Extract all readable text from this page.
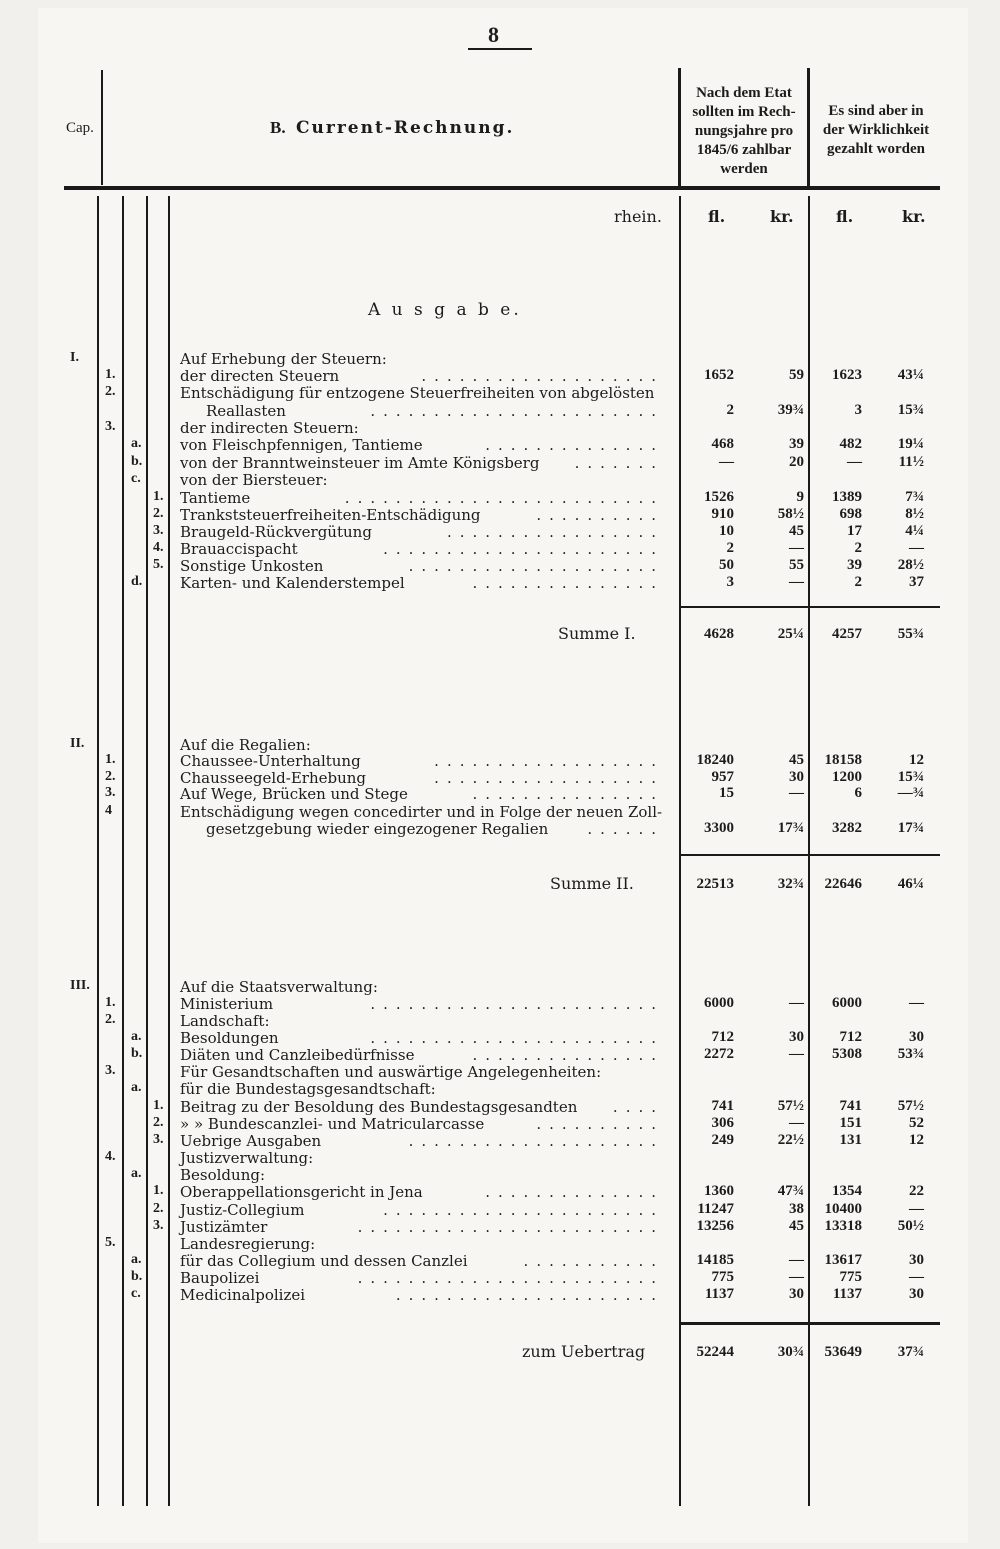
8
Cap.	B. Current-Rechnung.
Nach dem Etat
sollten im Rech-
nungsjahre pro
1845/6 zahlbar
werden
Es sind aber in
der Wirklichkeit
gezahlt worden
rhein.	fl.	kr.	fl.	kr.
A u s g a b e.
I.	Auf Erhebung der Steuern:
1.	der directen Steuern	...................	1652	59	1623	43¼
2.	Entschädigung für entzogene Steuerfreiheiten von abgelösten
Reallasten	.......................	2	39¾	3	15¾
3.	der indirecten Steuern:
a.	von Fleischpfennigen, Tantieme	..............	468	39	482	19¼
b.	von der Branntweinsteuer im Amte Königsberg .......	—	20	—	11½
c.	von der Biersteuer:
1. Tantieme	.........................	1526	9	1389	7¾
2. Trankststeuerfreiheiten-Entschädigung	..........	910	58½	698	8½
3. Braugeld-Rückvergütung	.................	10	45	17	4¼
4. Brauaccispacht	......................	2	—	2	—
5. Sonstige Unkosten	....................	50	55	39	28½
d.	Karten- und Kalenderstempel	...............	3	—	2	37
Summe I.	4628	25¼	4257	55¾
II.	Auf die Regalien:
1.	Chaussee-Unterhaltung	..................	18240	45	18158	12
2.	Chausseegeld-Erhebung	..................	957	30	1200	15¾
3.	Auf Wege, Brücken und Stege	...............	15	—	6	—¾
4	Entschädigung wegen concedirter und in Folge der neuen Zoll-
gesetzgebung wieder eingezogener Regalien	......	3300	17¾	3282	17¾
Summe II.	22513	32¾	22646	46¼
III.	Auf die Staatsverwaltung:
1.	Ministerium	.......................	6000	—	6000	—
2.	Landschaft:
a.	Besoldungen	.......................	712	30	712	30
b.	Diäten und Canzleibedürfnisse	...............	2272	—	5308	53¾
3.	Für Gesandtschaften und auswärtige Angelegenheiten:
a.	für die Bundestagsgesandtschaft:
1. Beitrag zu der Besoldung des Bundestagsgesandten ....	741	57½	741	57½
2. » » Bundescanzlei- und Matricularcasse	..........	306	—	151	52
3. Uebrige Ausgaben	....................	249	22½	131	12
4.	Justizverwaltung:
a.	Besoldung:
1. Oberappellationsgericht in Jena	..............	1360	47¾	1354	22
2. Justiz-Collegium	......................	11247	38	10400	—
3. Justizämter	........................	13256	45	13318	50½
5.	Landesregierung:
a.	für das Collegium und dessen Canzlei	...........	14185	—	13617	30
b.	Baupolizei	........................	775	—	775	—
c.	Medicinalpolizei	.....................	1137	30	1137	30
zum Uebertrag	52244	30¾	53649	37¾
